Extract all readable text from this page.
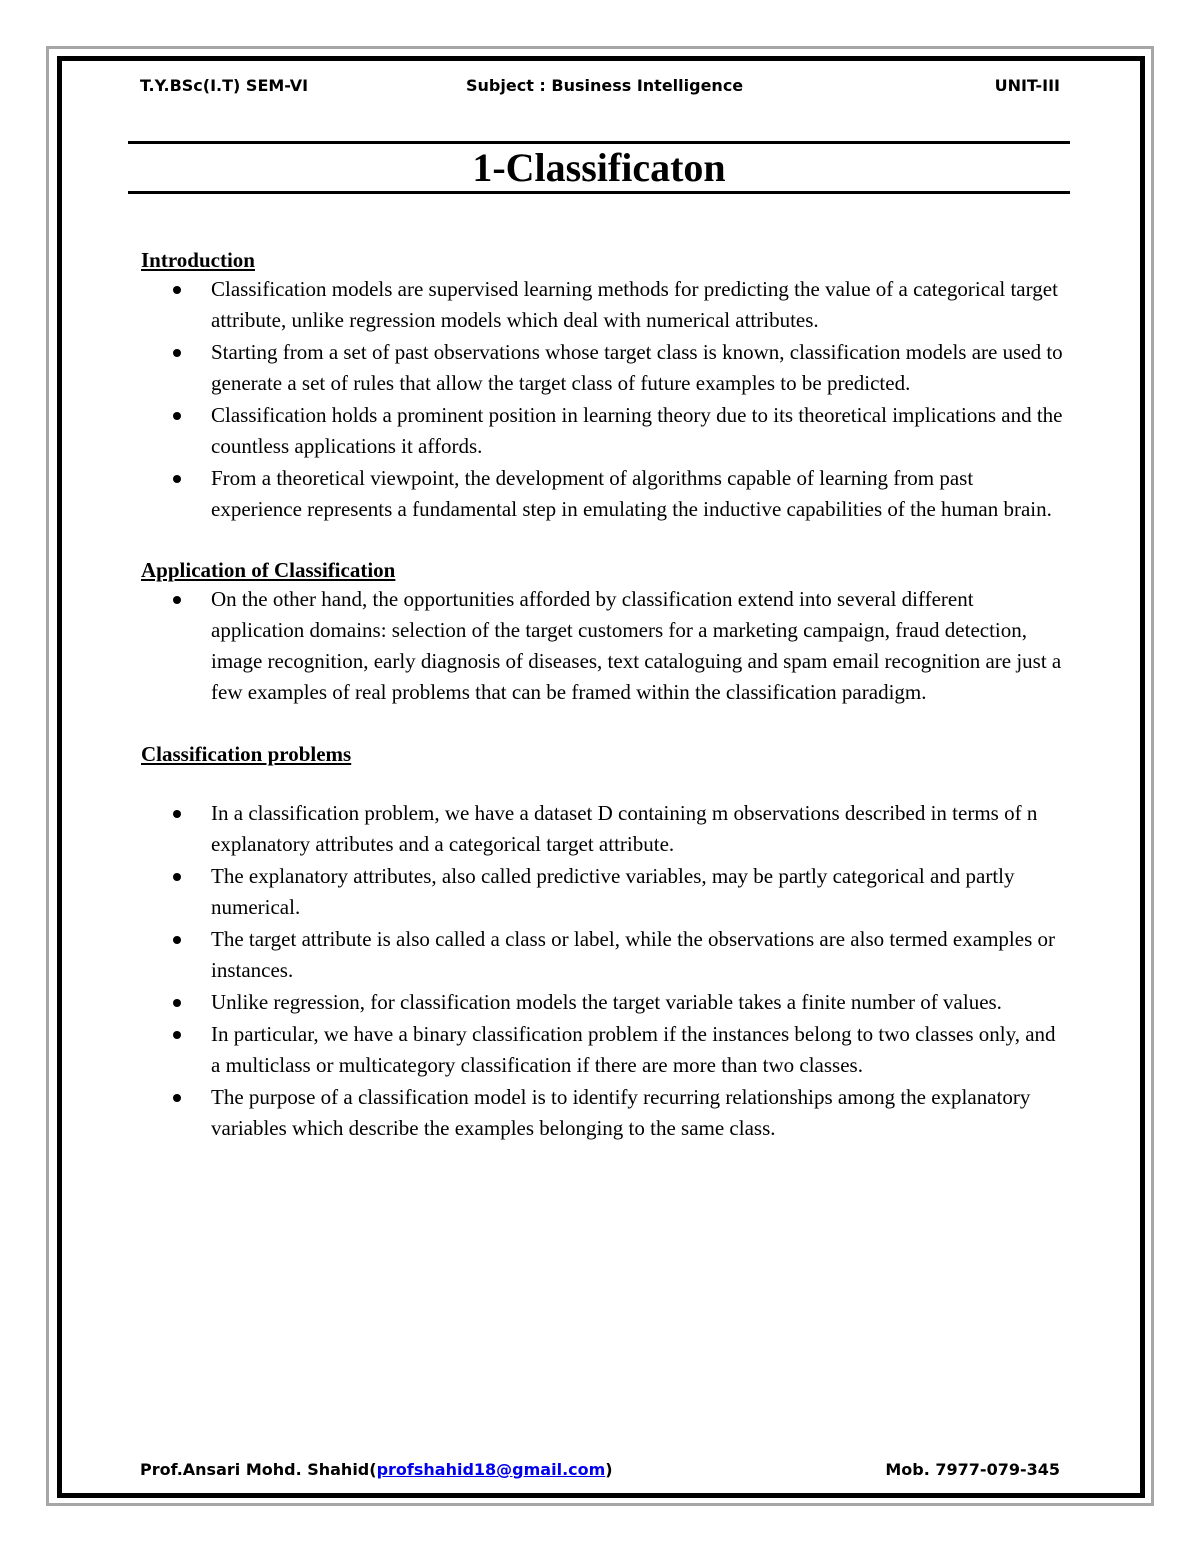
T.Y.BSc(I.T) SEM-VI	Subject : Business Intelligence	UNIT-III
1-Classificaton

Introduction

Classification models are supervised learning methods for predicting the value of a categorical target attribute, unlike regression models which deal with numerical attributes.
Starting from a set of past observations whose target class is known, classification models are used to generate a set of rules that allow the target class of future examples to be predicted.
Classification holds a prominent position in learning theory due to its theoretical implications and the countless applications it affords.
From a theoretical viewpoint, the development of algorithms capable of learning from past experience represents a fundamental step in emulating the inductive capabilities of the human brain.

Application of Classification

On the other hand, the opportunities afforded by classification extend into several different application domains: selection of the target customers for a marketing campaign, fraud detection, image recognition, early diagnosis of diseases, text cataloguing and spam email recognition are just a few examples of real problems that can be framed within the classification paradigm.

Classification problems

In a classification problem, we have a dataset D containing m observations described in terms of n explanatory attributes and a categorical target attribute.
The explanatory attributes, also called predictive variables, may be partly categorical and partly numerical.
The target attribute is also called a class or label, while the observations are also termed examples or instances.
Unlike regression, for classification models the target variable takes a finite number of values.
In particular, we have a binary classification problem if the instances belong to two classes only, and a multiclass or multicategory classification if there are more than two classes.
The purpose of a classification model is to identify recurring relationships among the explanatory variables which describe the examples belonging to the same class.
Prof.Ansari Mohd. Shahid(profshahid18@gmail.com)	Mob. 7977-079-345
